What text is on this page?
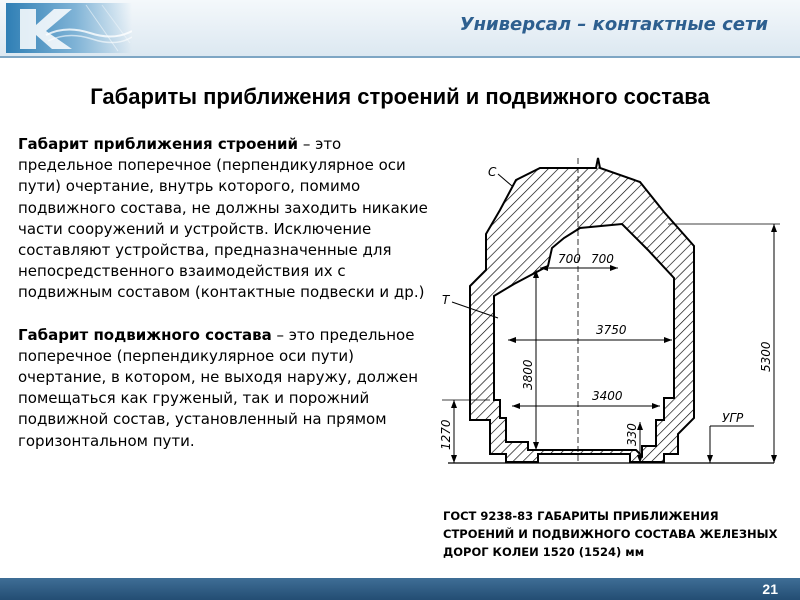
Универсал – контактные сети
Габариты приближения строений и подвижного состава

Габарит приближения строений – это предельное поперечное (перпендикулярное оси пути) очертание, внутрь которого, помимо подвижного состава, не должны заходить никакие части сооружений и устройств. Исключение составляют устройства, предназначенные для непосредственного взаимодействия их с подвижным составом (контактные подвески и др.)

Габарит подвижного состава – это предельное поперечное (перпендикулярное оси пути) очертание, в котором, не выходя наружу, должен помещаться как груженый, так и порожний подвижной состав, установленный на прямом горизонтальном пути.

700 700
3750
3400
3800
5300
1270	330
C
T
УГР
ГОСТ 9238-83 ГАБАРИТЫ ПРИБЛИЖЕНИЯ СТРОЕНИЙ И ПОДВИЖНОГО СОСТАВА ЖЕЛЕЗНЫХ ДОРОГ КОЛЕИ 1520 (1524) мм
21
